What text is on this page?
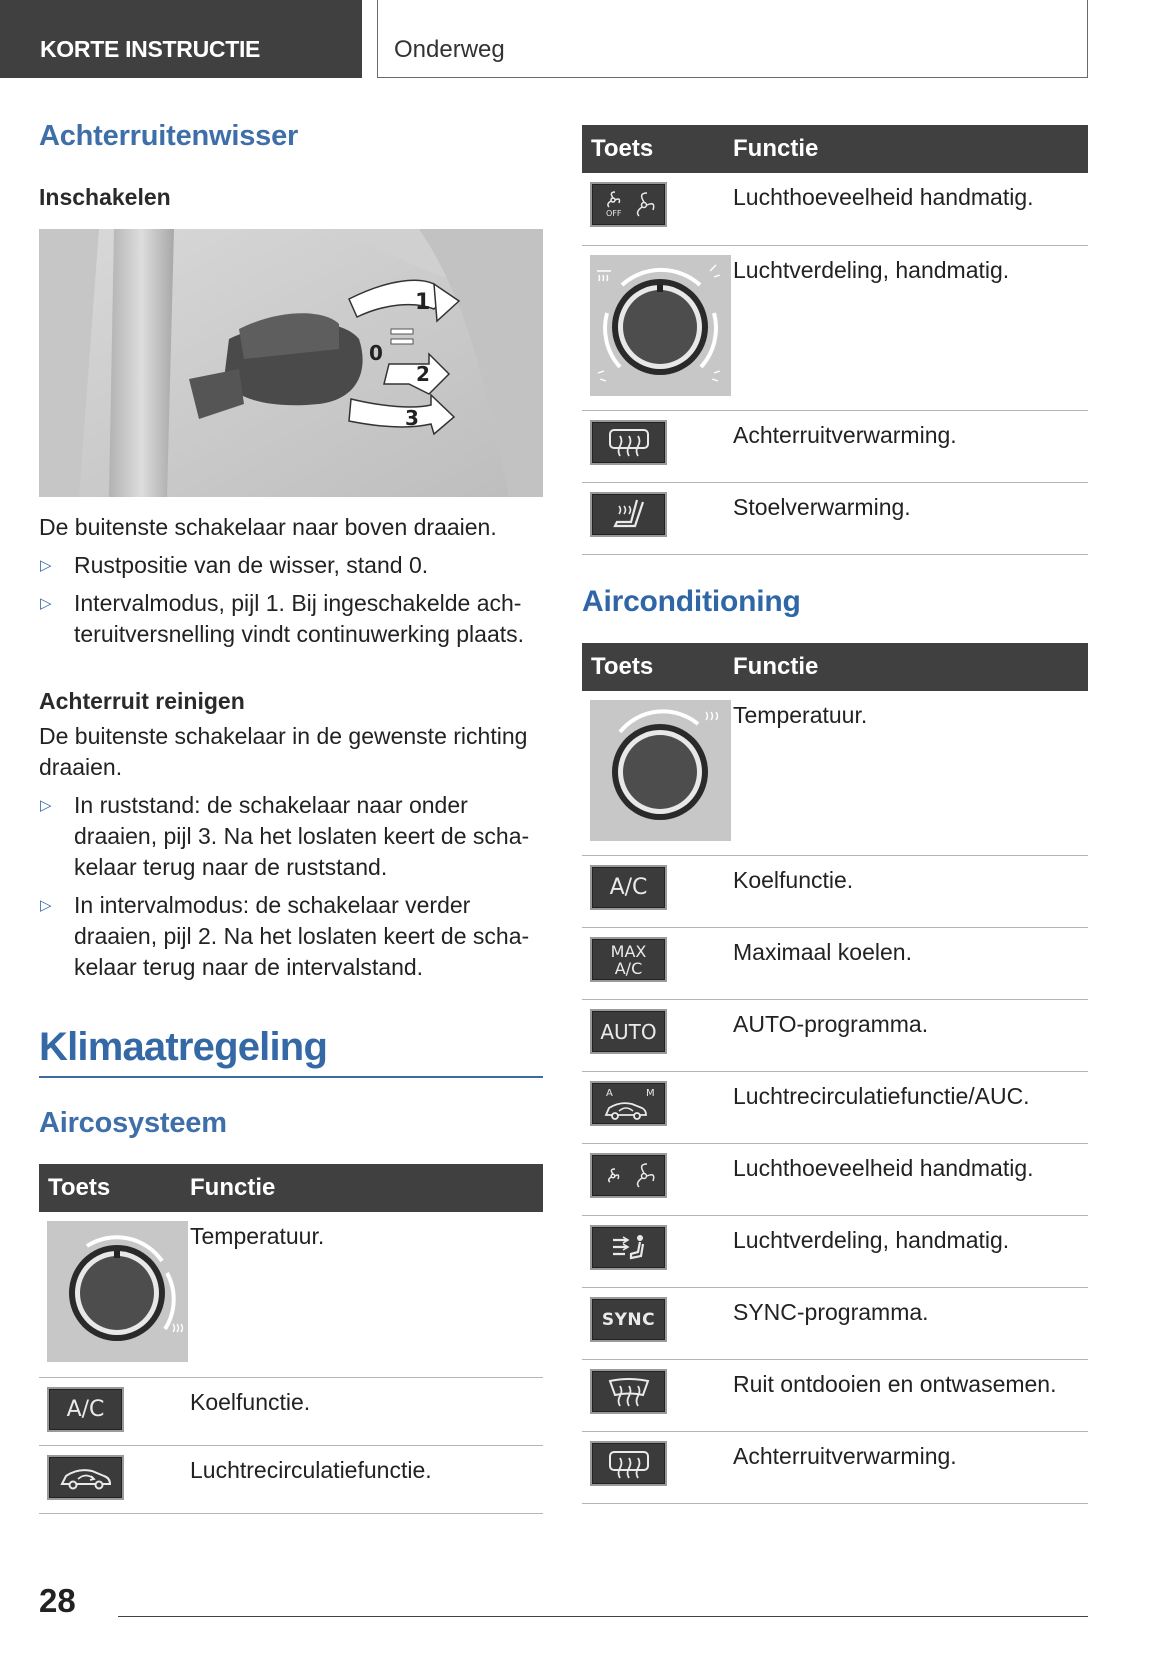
KORTE INSTRUCTIE	Onderweg
Achterruitenwisser
Inschakelen
1
0
2
3

De buitenste schakelaar naar boven draaien.

▷ Rustpositie van de wisser, stand 0.
▷ Intervalmodus, pijl 1. Bij ingeschakelde ach-teruitversnelling vindt continuwerking plaats.
Achterruit reinigen

De buitenste schakelaar in de gewenste richting draaien.

▷ In ruststand: de schakelaar naar onder draaien, pijl 3. Na het loslaten keert de scha-kelaar terug naar de ruststand.
▷ In intervalmodus: de schakelaar verder draaien, pijl 2. Na het loslaten keert de scha-kelaar terug naar de intervalstand.
Klimaatregeling
Aircosysteem
Toets	Functie

	Temperatuur.

A/C	Koelfunctie.

	Luchtrecirculatiefunctie.
Toets	Functie

OFF	Luchthoeveelheid handmatig.

	Luchtverdeling, handmatig.

	Achterruitverwarming.

	Stoelverwarming.
Airconditioning
Toets	Functie

	Temperatuur.

A/C	Koelfunctie.

MAX
A/C	Maximaal koelen.

AUTO	AUTO-programma.

A M	Luchtrecirculatiefunctie/AUC.

	Luchthoeveelheid handmatig.

	Luchtverdeling, handmatig.

SYNC	SYNC-programma.

	Ruit ontdooien en ontwasemen.

	Achterruitverwarming.
28
